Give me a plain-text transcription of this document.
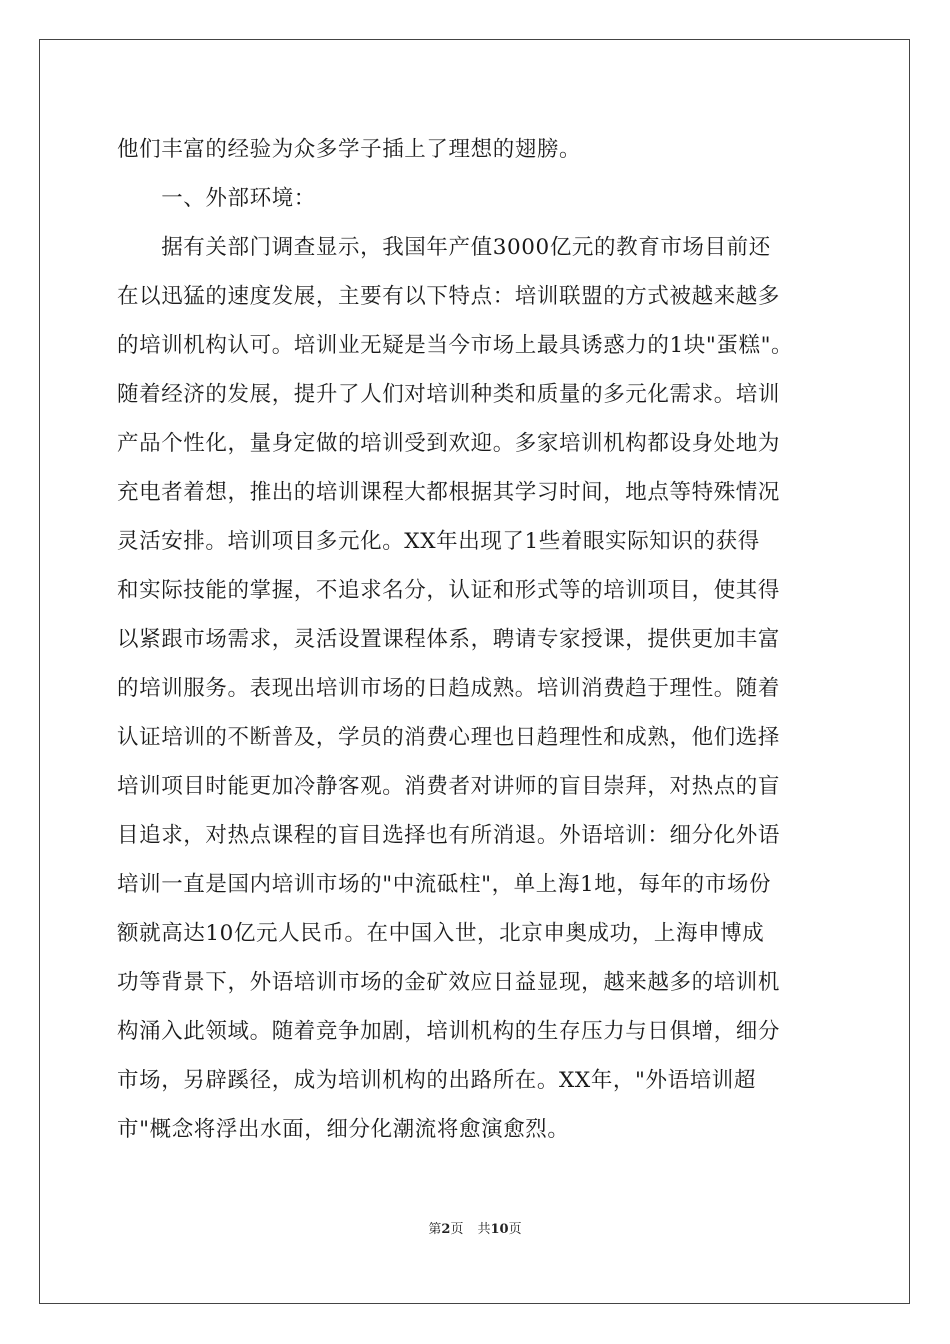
他们丰富的经验为众多学子插上了理想的翅膀。
　　一、外部环境：
　　据有关部门调查显示，我国年产值3000亿元的教育市场目前还
在以迅猛的速度发展，主要有以下特点：培训联盟的方式被越来越多
的培训机构认可。培训业无疑是当今市场上最具诱惑力的1块"蛋糕"。
随着经济的发展，提升了人们对培训种类和质量的多元化需求。培训
产品个性化，量身定做的培训受到欢迎。多家培训机构都设身处地为
充电者着想，推出的培训课程大都根据其学习时间，地点等特殊情况
灵活安排。培训项目多元化。XX年出现了1些着眼实际知识的获得
和实际技能的掌握，不追求名分，认证和形式等的培训项目，使其得
以紧跟市场需求，灵活设置课程体系，聘请专家授课，提供更加丰富
的培训服务。表现出培训市场的日趋成熟。培训消费趋于理性。随着
认证培训的不断普及，学员的消费心理也日趋理性和成熟，他们选择
培训项目时能更加冷静客观。消费者对讲师的盲目崇拜，对热点的盲
目追求，对热点课程的盲目选择也有所消退。外语培训：细分化外语
培训一直是国内培训市场的"中流砥柱"，单上海1地，每年的市场份
额就高达10亿元人民币。在中国入世，北京申奥成功，上海申博成
功等背景下，外语培训市场的金矿效应日益显现，越来越多的培训机
构涌入此领域。随着竞争加剧，培训机构的生存压力与日俱增，细分
市场，另辟蹊径，成为培训机构的出路所在。XX年，"外语培训超
市"概念将浮出水面，细分化潮流将愈演愈烈。
第2页 共10页
